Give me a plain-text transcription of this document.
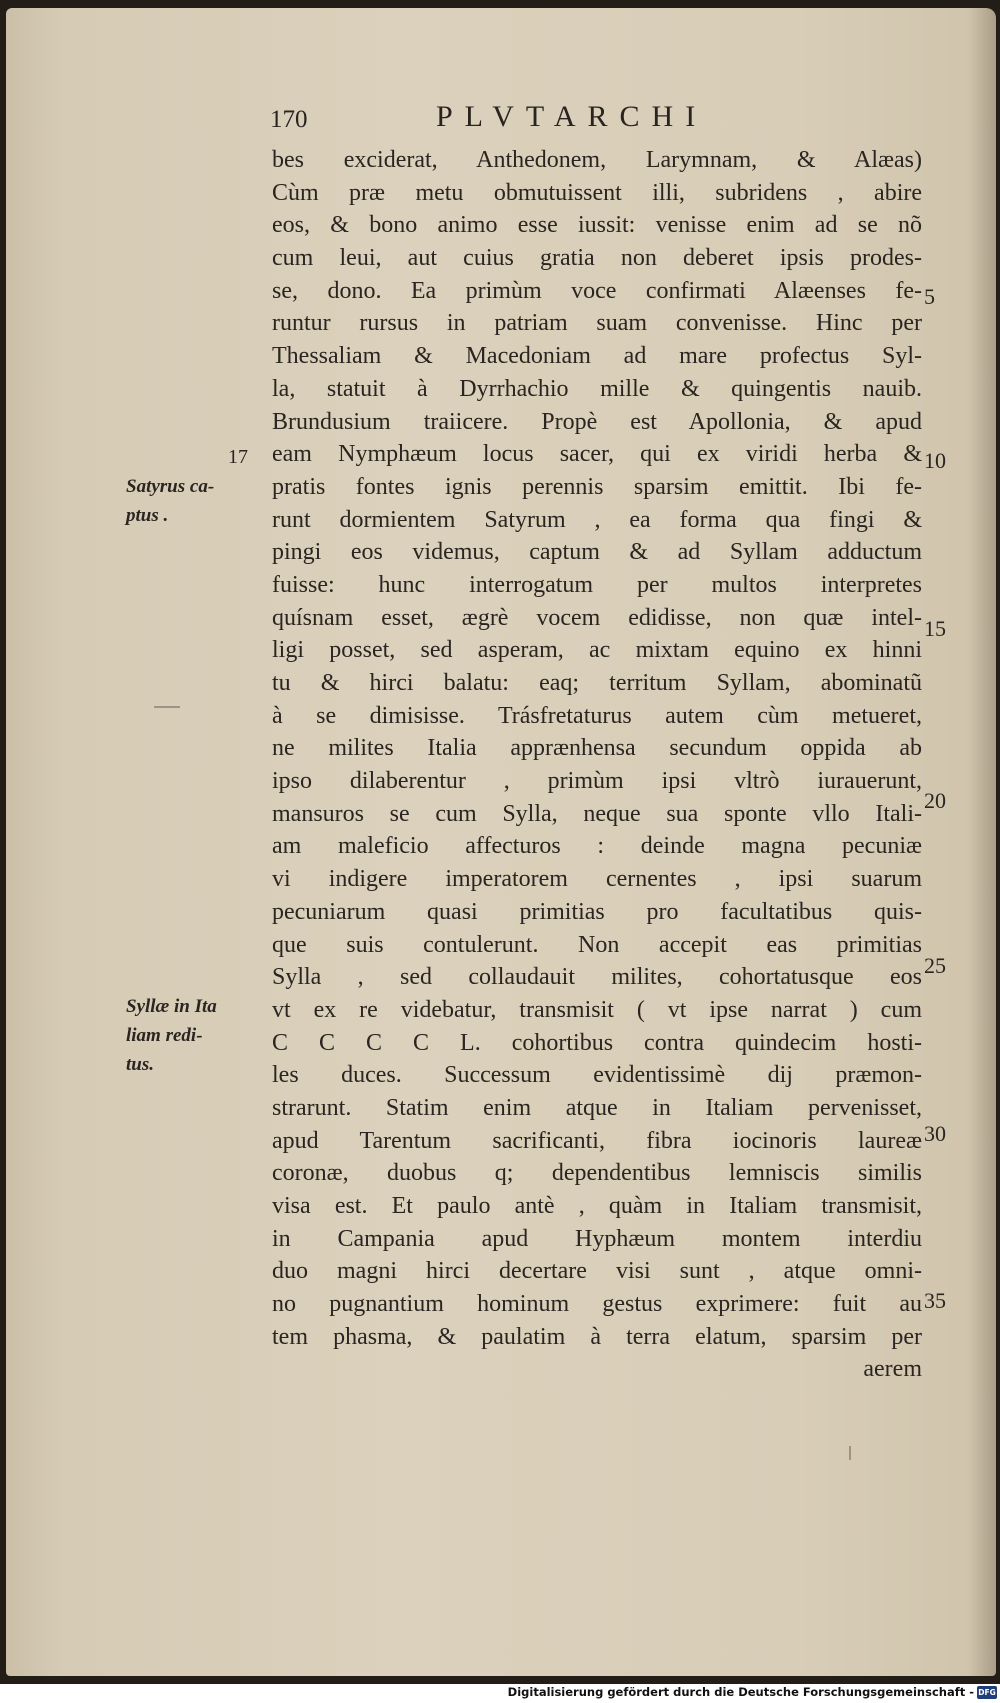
170	PLVTARCHI
bes exciderat, Anthedonem, Larymnam, & Alæas)
Cùm præ metu obmutuissent illi, subridens , abire
eos, & bono animo esse iussit: venisse enim ad se nõ
cum leui, aut cuius gratia non deberet ipsis prodes-
se, dono. Ea primùm voce confirmati Alæenses fe-
runtur rursus in patriam suam convenisse. Hinc per
Thessaliam & Macedoniam ad mare profectus Syl-
la, statuit à Dyrrhachio mille & quingentis nauib.
Brundusium traiicere. Propè est Apollonia, & apud
eam Nymphæum locus sacer, qui ex viridi herba &
pratis fontes ignis perennis sparsim emittit. Ibi fe-
runt dormientem Satyrum , ea forma qua fingi &
pingi eos videmus, captum & ad Syllam adductum
fuisse: hunc interrogatum per multos interpretes
quísnam esset, ægrè vocem edidisse, non quæ intel-
ligi posset, sed asperam, ac mixtam equino ex hinni
tu & hirci balatu: eaq; territum Syllam, abominatũ
à se dimisisse. Trásfretaturus autem cùm metueret,
ne milites Italia apprænhensa secundum oppida ab
ipso dilaberentur , primùm ipsi vltrò iurauerunt,
mansuros se cum Sylla, neque sua sponte vllo Itali-
am maleficio affecturos : deinde magna pecuniæ
vi indigere imperatorem cernentes , ipsi suarum
pecuniarum quasi primitias pro facultatibus quis-
que suis contulerunt. Non accepit eas primitias
Sylla , sed collaudauit milites, cohortatusque eos
vt ex re videbatur, transmisit ( vt ipse narrat ) cum
C C C C L. cohortibus contra quindecim hosti-
les duces. Successum evidentissimè dij præmon-
strarunt. Statim enim atque in Italiam pervenisset,
apud Tarentum sacrificanti, fibra iocinoris laureæ
coronæ, duobus q; dependentibus lemniscis similis
visa est. Et paulo antè , quàm in Italiam transmisit,
in Campania apud Hyphæum montem interdiu
duo magni hirci decertare visi sunt , atque omni-
no pugnantium hominum gestus exprimere: fuit au
tem phasma, & paulatim à terra elatum, sparsim per
aerem
5
10
15
20
25
30
35
17
Satyrus ca-
ptus .
Syllæ in Ita
liam redi-
tus.
Digitalisierung gefördert durch die Deutsche Forschungsgemeinschaft - DFG
